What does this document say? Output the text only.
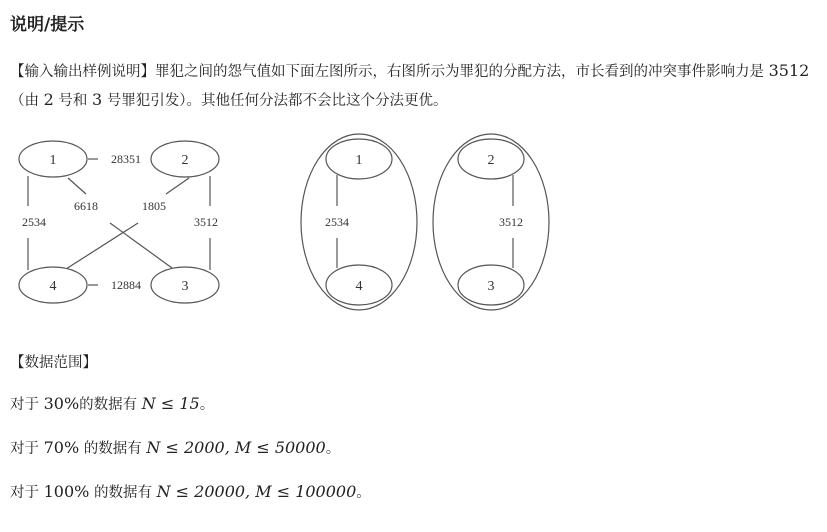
说明/提示
【输入输出样例说明】罪犯之间的怨气值如下面左图所示，右图所示为罪犯的分配方法，市长看到的冲突事件影响力是 3512（由 2 号和 3 号罪犯引发）。其他任何分法都不会比这个分法更优。
1	2
3
4
28351
2534	3512
12884
6618	1805
1
4
2534
2
3
3512
【数据范围】
对于 30%的数据有 N ≤ 15。
对于 70% 的数据有 N ≤ 2000, M ≤ 50000。
对于 100% 的数据有 N ≤ 20000, M ≤ 100000。
